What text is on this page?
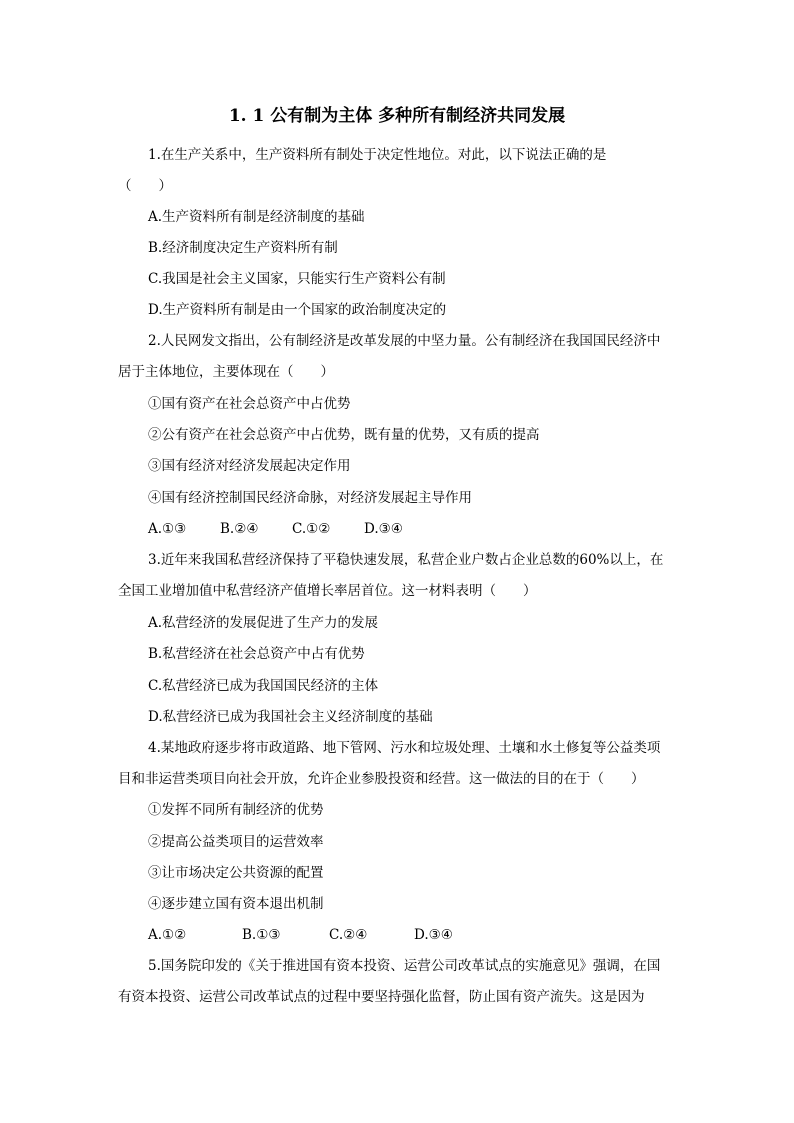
1. 1 公有制为主体 多种所有制经济共同发展
1.在生产关系中，生产资料所有制处于决定性地位。对此，以下说法正确的是
（　　）
A.生产资料所有制是经济制度的基础
B.经济制度决定生产资料所有制
C.我国是社会主义国家，只能实行生产资料公有制
D.生产资料所有制是由一个国家的政治制度决定的
2.人民网发文指出，公有制经济是改革发展的中坚力量。公有制经济在我国国民经济中
居于主体地位，主要体现在（　　）
①国有资产在社会总资产中占优势
②公有资产在社会总资产中占优势，既有量的优势，又有质的提高
③国有经济对经济发展起决定作用
④国有经济控制国民经济命脉，对经济发展起主导作用
A.①③	B.②④ C.①② D.③④
3.近年来我国私营经济保持了平稳快速发展，私营企业户数占企业总数的60%以上，在
全国工业增加值中私营经济产值增长率居首位。这一材料表明（　　）
A.私营经济的发展促进了生产力的发展
B.私营经济在社会总资产中占有优势
C.私营经济已成为我国国民经济的主体
D.私营经济已成为我国社会主义经济制度的基础
4.某地政府逐步将市政道路、地下管网、污水和垃圾处理、土壤和水土修复等公益类项
目和非运营类项目向社会开放，允许企业参股投资和经营。这一做法的目的在于（　　）
①发挥不同所有制经济的优势
②提高公益类项目的运营效率
③让市场决定公共资源的配置
④逐步建立国有资本退出机制
A.①②	B.①③	C.②④	D.③④
5.国务院印发的《关于推进国有资本投资、运营公司改革试点的实施意见》强调，在国
有资本投资、运营公司改革试点的过程中要坚持强化监督，防止国有资产流失。这是因为
